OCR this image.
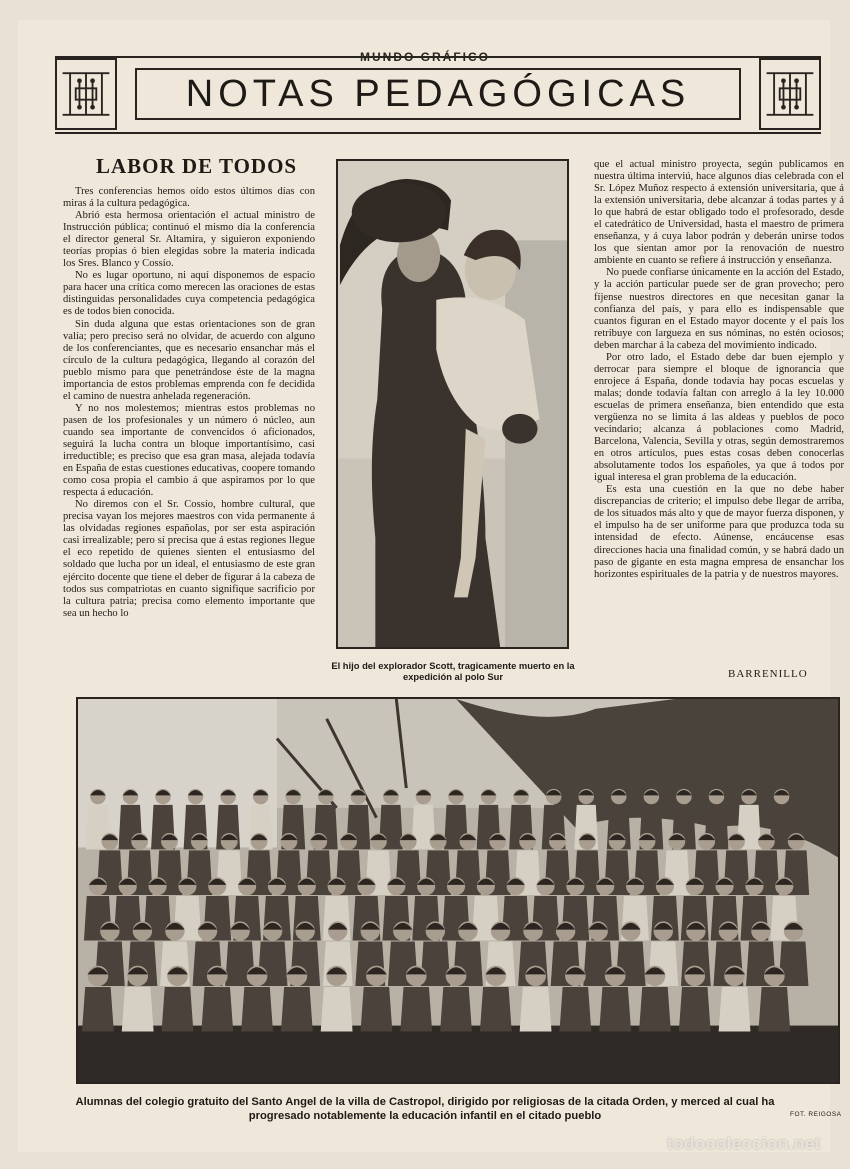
MUNDO GRÁFICO
NOTAS PEDAGÓGICAS
LABOR DE TODOS

Tres conferencias hemos oído estos últimos días con miras á la cultura pedagógica.

Abrió esta hermosa orientación el actual ministro de Instrucción pública; continuó el mismo día la conferencia el director general Sr. Altamira, y siguieron exponiendo teorías propias ó bien elegidas sobre la materia indicada los Sres. Blanco y Cossío.

No es lugar oportuno, ni aquí disponemos de espacio para hacer una crítica como merecen las oraciones de estas distinguidas personalidades cuya competencia pedagógica es de todos bien conocida.

Sin duda alguna que estas orientaciones son de gran valía; pero preciso será no olvidar, de acuerdo con alguno de los conferenciantes, que es necesario ensanchar más el círculo de la cultura pedagógica, llegando al corazón del pueblo mismo para que penetrándose éste de la magna importancia de estos problemas emprenda con fe decidida el camino de nuestra anhelada regeneración.

Y no nos molestemos; mientras estos problemas no pasen de los profesionales y un número ó núcleo, aun cuando sea importante de convencidos ó aficionados, seguirá la lucha contra un bloque importantísimo, casi irreductible; es preciso que esa gran masa, alejada todavía en España de estas cuestiones educativas, coopere tomando como cosa propia el cambio á que aspiramos por lo que respecta á educación.

No diremos con el Sr. Cossío, hombre cultural, que precisa vayan los mejores maestros con vida permanente á las olvidadas regiones españolas, por ser esta aspiración casi irrealizable; pero sí precisa que á estas regiones llegue el eco repetido de quienes sienten el entusiasmo del soldado que lucha por un ideal, el entusiasmo de este gran ejército docente que tiene el deber de figurar á la cabeza de todos sus compatriotas en cuanto signifique sacrificio por la cultura patria; precisa como elemento importante que sea un hecho lo

El hijo del explorador Scott, tragicamente muerto en la expedición al polo Sur

que el actual ministro proyecta, según publicamos en nuestra última interviú, hace algunos días celebrada con el Sr. López Muñoz respecto á extensión universitaria, que á la extensión universitaria, debe alcanzar á todas partes y á lo que habrá de estar obligado todo el profesorado, desde el catedrático de Universidad, hasta el maestro de primera enseñanza, y á cuya labor podrán y deberán unirse todos los que sientan amor por la renovación de nuestro ambiente en cuanto se refiere á instrucción y enseñanza.

No puede confiarse únicamente en la acción del Estado, y la acción particular puede ser de gran provecho; pero fíjense nuestros directores en que necesitan ganar la confianza del país, y para ello es indispensable que cuantos figuran en el Estado mayor docente y el país los retribuye con largueza en sus nóminas, no estén ociosos; deben marchar á la cabeza del movimiento indicado.

Por otro lado, el Estado debe dar buen ejemplo y derrocar para siempre el bloque de ignorancia que enrojece á España, donde todavía hay pocas escuelas y malas; donde todavía faltan con arreglo á la ley 10.000 escuelas de primera enseñanza, bien entendido que esta vergüenza no se limita á las aldeas y pueblos de poco vecindario; alcanza á poblaciones como Madrid, Barcelona, Valencia, Sevilla y otras, según demostraremos en otros artículos, pues estas cosas deben conocerlas absolutamente todos los españoles, ya que á todos por igual interesa el gran problema de la educación.

Es esta una cuestión en la que no debe haber discrepancias de criterio; el impulso debe llegar de arriba, de los situados más alto y que de mayor fuerza disponen, y el impulso ha de ser uniforme para que produzca toda su intensidad de efecto. Aúnense, encáucense esas direcciones hacia una finalidad común, y se habrá dado un paso de gigante en esta magna empresa de ensanchar los horizontes espirituales de la patria y de nuestros mayores.

BARRENILLO
Alumnas del colegio gratuito del Santo Angel de la villa de Castropol, dirigido por religiosas de la citada Orden, y merced al cual ha progresado notablemente la educación infantil en el citado pueblo	FOT. REIGOSA
todocoleccion.net
